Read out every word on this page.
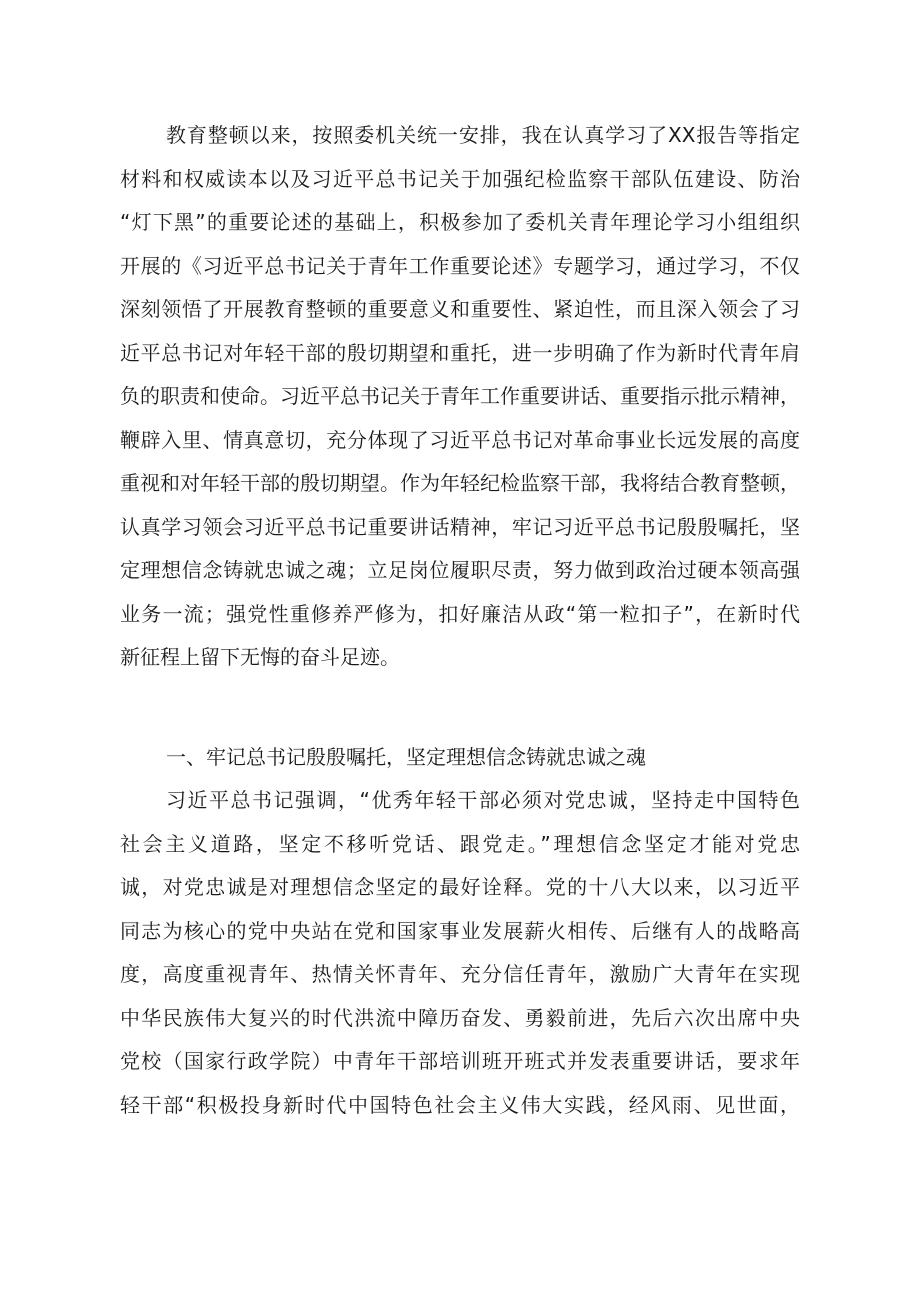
教育整顿以来，按照委机关统一安排，我在认真学习了XX报告等指定
材料和权威读本以及习近平总书记关于加强纪检监察干部队伍建设、防治
“灯下黑”的重要论述的基础上，积极参加了委机关青年理论学习小组组织
开展的《习近平总书记关于青年工作重要论述》专题学习，通过学习，不仅
深刻领悟了开展教育整顿的重要意义和重要性、紧迫性，而且深入领会了习
近平总书记对年轻干部的殷切期望和重托，进一步明确了作为新时代青年肩
负的职责和使命。习近平总书记关于青年工作重要讲话、重要指示批示精神，
鞭辟入里、情真意切，充分体现了习近平总书记对革命事业长远发展的高度
重视和对年轻干部的殷切期望。作为年轻纪检监察干部，我将结合教育整顿，
认真学习领会习近平总书记重要讲话精神，牢记习近平总书记殷殷嘱托，坚
定理想信念铸就忠诚之魂；立足岗位履职尽责，努力做到政治过硬本领高强
业务一流；强党性重修养严修为，扣好廉洁从政“第一粒扣子”，在新时代
新征程上留下无悔的奋斗足迹。
一、牢记总书记殷殷嘱托，坚定理想信念铸就忠诚之魂
习近平总书记强调，“优秀年轻干部必须对党忠诚，坚持走中国特色
社会主义道路，坚定不移听党话、跟党走。”理想信念坚定才能对党忠
诚，对党忠诚是对理想信念坚定的最好诠释。党的十八大以来，以习近平
同志为核心的党中央站在党和国家事业发展薪火相传、后继有人的战略高
度，高度重视青年、热情关怀青年、充分信任青年，激励广大青年在实现
中华民族伟大复兴的时代洪流中障历奋发、勇毅前进，先后六次出席中央
党校（国家行政学院）中青年干部培训班开班式并发表重要讲话，要求年
轻干部“积极投身新时代中国特色社会主义伟大实践，经风雨、见世面，
